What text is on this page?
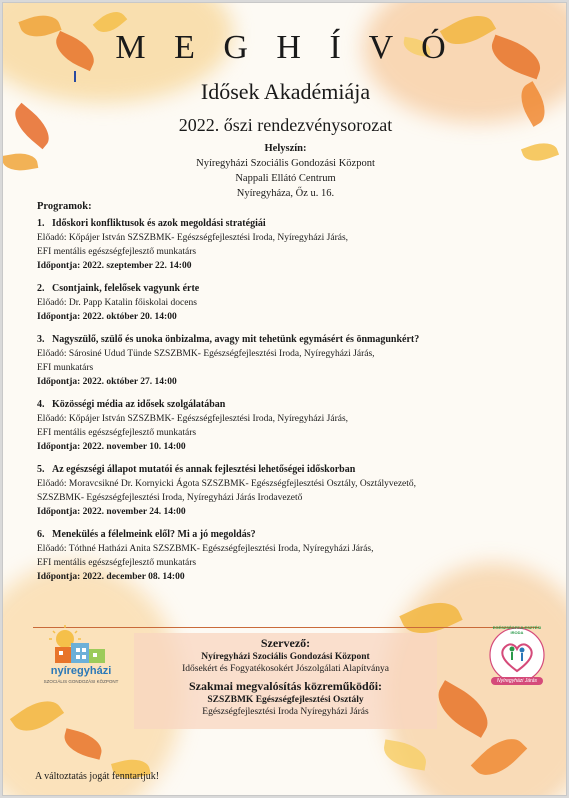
M E G H Í V Ó
Idősek Akadémiája
2022. őszi rendezvénysorozat
Helyszín:
Nyíregyházi Szociális Gondozási Központ
Nappali Ellátó Centrum
Nyíregyháza, Őz u. 16.
Programok:
1. Időskori konfliktusok és azok megoldási stratégiái
Előadó: Kőpájer István SZSZBMK- Egészségfejlesztési Iroda, Nyíregyházi Járás,
EFI mentális egészségfejlesztő munkatárs
Időpontja: 2022. szeptember 22. 14:00
2. Csontjaink, felelősek vagyunk érte
Előadó: Dr. Papp Katalin főiskolai docens
Időpontja: 2022. október 20. 14:00
3. Nagyszülő, szülő és unoka önbizalma, avagy mit tehetünk egymásért és önmagunkért?
Előadó: Sárosiné Udud Tünde SZSZBMK- Egészségfejlesztési Iroda, Nyíregyházi Járás,
EFI munkatárs
Időpontja: 2022. október 27. 14:00
4. Közösségi média az idősek szolgálatában
Előadó: Kőpájer István SZSZBMK- Egészségfejlesztési Iroda, Nyíregyházi Járás,
EFI mentális egészségfejlesztő munkatárs
Időpontja: 2022. november 10. 14:00
5. Az egészségi állapot mutatói és annak fejlesztési lehetőségei időskorban
Előadó: Moravcsikné Dr. Kornyicki Ágota SZSZBMK- Egészségfejlesztési Osztály, Osztályvezető,
SZSZBMK- Egészségfejlesztési Iroda, Nyíregyházi Járás Irodavezető
Időpontja: 2022. november 24. 14:00
6. Menekülés a félelmeink elől? Mi a jó megoldás?
Előadó: Tóthné Hatházi Anita SZSZBMK- Egészségfejlesztési Iroda, Nyíregyházi Járás,
EFI mentális egészségfejlesztő munkatárs
Időpontja: 2022. december 08. 14:00
nyíregyházi
SZOCIÁLIS GONDOZÁSI KÖZPONT
Szervező:
Nyíregyházi Szociális Gondozási Központ
Idősekért és Fogyatékosokért Jószolgálati Alapítványa
Szakmai megvalósítás közreműködői:
SZSZBMK Egészségfejlesztési Osztály
Egészségfejlesztési Iroda Nyíregyházi Járás
EGÉSZSÉGFEJLESZTÉSI IRODA
Nyíregyházi Járás
A változtatás jogát fenntartjuk!
